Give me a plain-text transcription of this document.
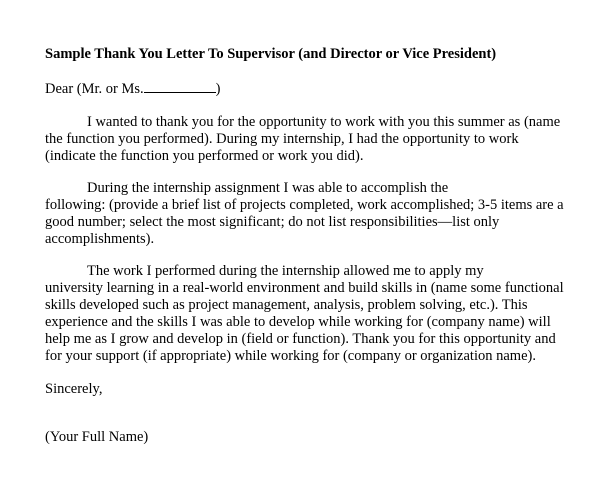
Sample Thank You Letter To Supervisor (and Director or Vice President)
Dear (Mr. or Ms.	)
I wanted to thank you for the opportunity to work with you this summer as (name
the function you performed). During my internship, I had the opportunity to work
(indicate the function you performed or work you did).
During the internship assignment I was able to accomplish the
following: (provide a brief list of projects completed, work accomplished; 3-5 items are a
good number; select the most significant; do not list responsibilities—list only
accomplishments).
The work I performed during the internship allowed me to apply my
university learning in a real-world environment and build skills in (name some functional
skills developed such as project management, analysis, problem solving, etc.). This
experience and the skills I was able to develop while working for (company name) will
help me as I grow and develop in (field or function). Thank you for this opportunity and
for your support (if appropriate) while working for (company or organization name).
Sincerely,
(Your Full Name)
